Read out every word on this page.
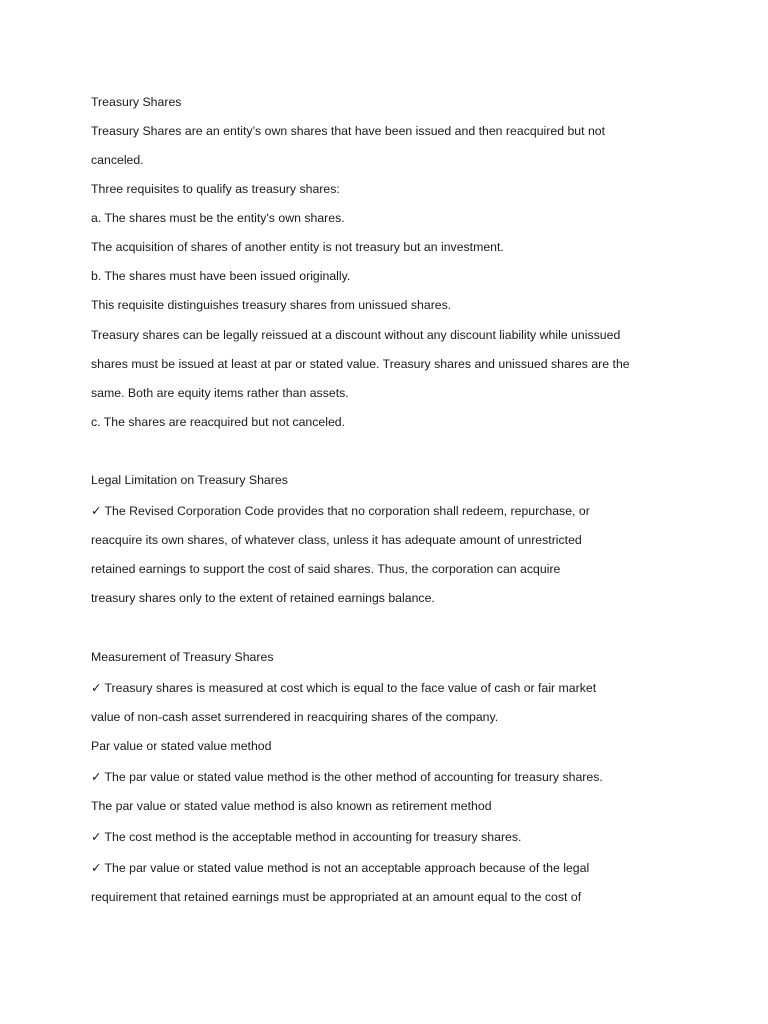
Treasury Shares
Treasury Shares are an entity’s own shares that have been issued and then reacquired but not
canceled.
Three requisites to qualify as treasury shares:
a. The shares must be the entity's own shares.
The acquisition of shares of another entity is not treasury but an investment.
b. The shares must have been issued originally.
This requisite distinguishes treasury shares from unissued shares.
Treasury shares can be legally reissued at a discount without any discount liability while unissued
shares must be issued at least at par or stated value. Treasury shares and unissued shares are the
same. Both are equity items rather than assets.
c. The shares are reacquired but not canceled.
Legal Limitation on Treasury Shares
✓ The Revised Corporation Code provides that no corporation shall redeem, repurchase, or
reacquire its own shares, of whatever class, unless it has adequate amount of unrestricted
retained earnings to support the cost of said shares. Thus, the corporation can acquire
treasury shares only to the extent of retained earnings balance.
Measurement of Treasury Shares
✓ Treasury shares is measured at cost which is equal to the face value of cash or fair market
value of non-cash asset surrendered in reacquiring shares of the company.
Par value or stated value method
✓ The par value or stated value method is the other method of accounting for treasury shares.
The par value or stated value method is also known as retirement method
✓ The cost method is the acceptable method in accounting for treasury shares.
✓ The par value or stated value method is not an acceptable approach because of the legal
requirement that retained earnings must be appropriated at an amount equal to the cost of
